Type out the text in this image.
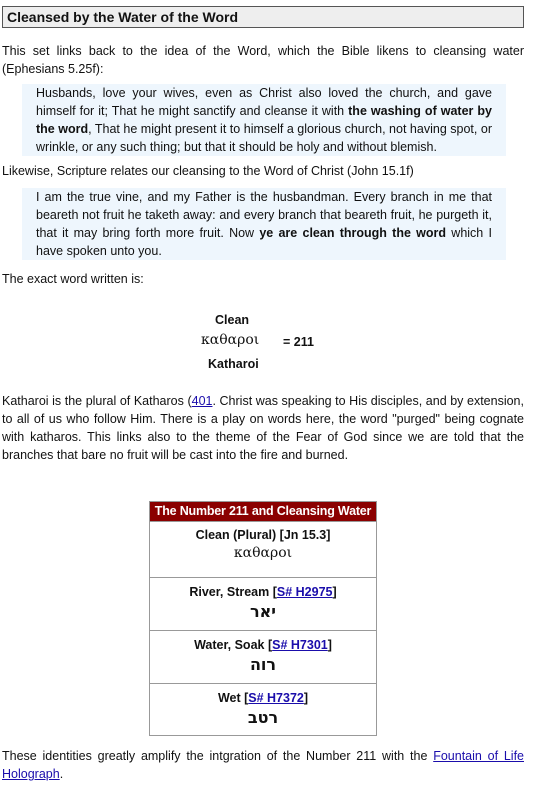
Cleansed by the Water of the Word

This set links back to the idea of the Word, which the Bible likens to cleansing water (Ephesians 5.25f):

Husbands, love your wives, even as Christ also loved the church, and gave himself for it; That he might sanctify and cleanse it with the washing of water by the word, That he might present it to himself a glorious church, not having spot, or wrinkle, or any such thing; but that it should be holy and without blemish.

Likewise, Scripture relates our cleansing to the Word of Christ (John 15.1f)

I am the true vine, and my Father is the husbandman. Every branch in me that beareth not fruit he taketh away: and every branch that beareth fruit, he purgeth it, that it may bring forth more fruit. Now ye are clean through the word which I have spoken unto you.

The exact word written is:

Clean
καθαροι = 211
Katharoi

Katharoi is the plural of Katharos (401. Christ was speaking to His disciples, and by extension, to all of us who follow Him. There is a play on words here, the word "purged" being cognate with katharos. This links also to the theme of the Fear of God since we are told that the branches that bare no fruit will be cast into the fire and burned.

The Number 211 and Cleansing Water
Clean (Plural) [Jn 15.3]
καθαροι
River, Stream [S# H2975]
יאר
Water, Soak [S# H7301]
רוה
Wet [S# H7372]
רטב

These identities greatly amplify the intgration of the Number 211 with the Fountain of Life Holograph.
